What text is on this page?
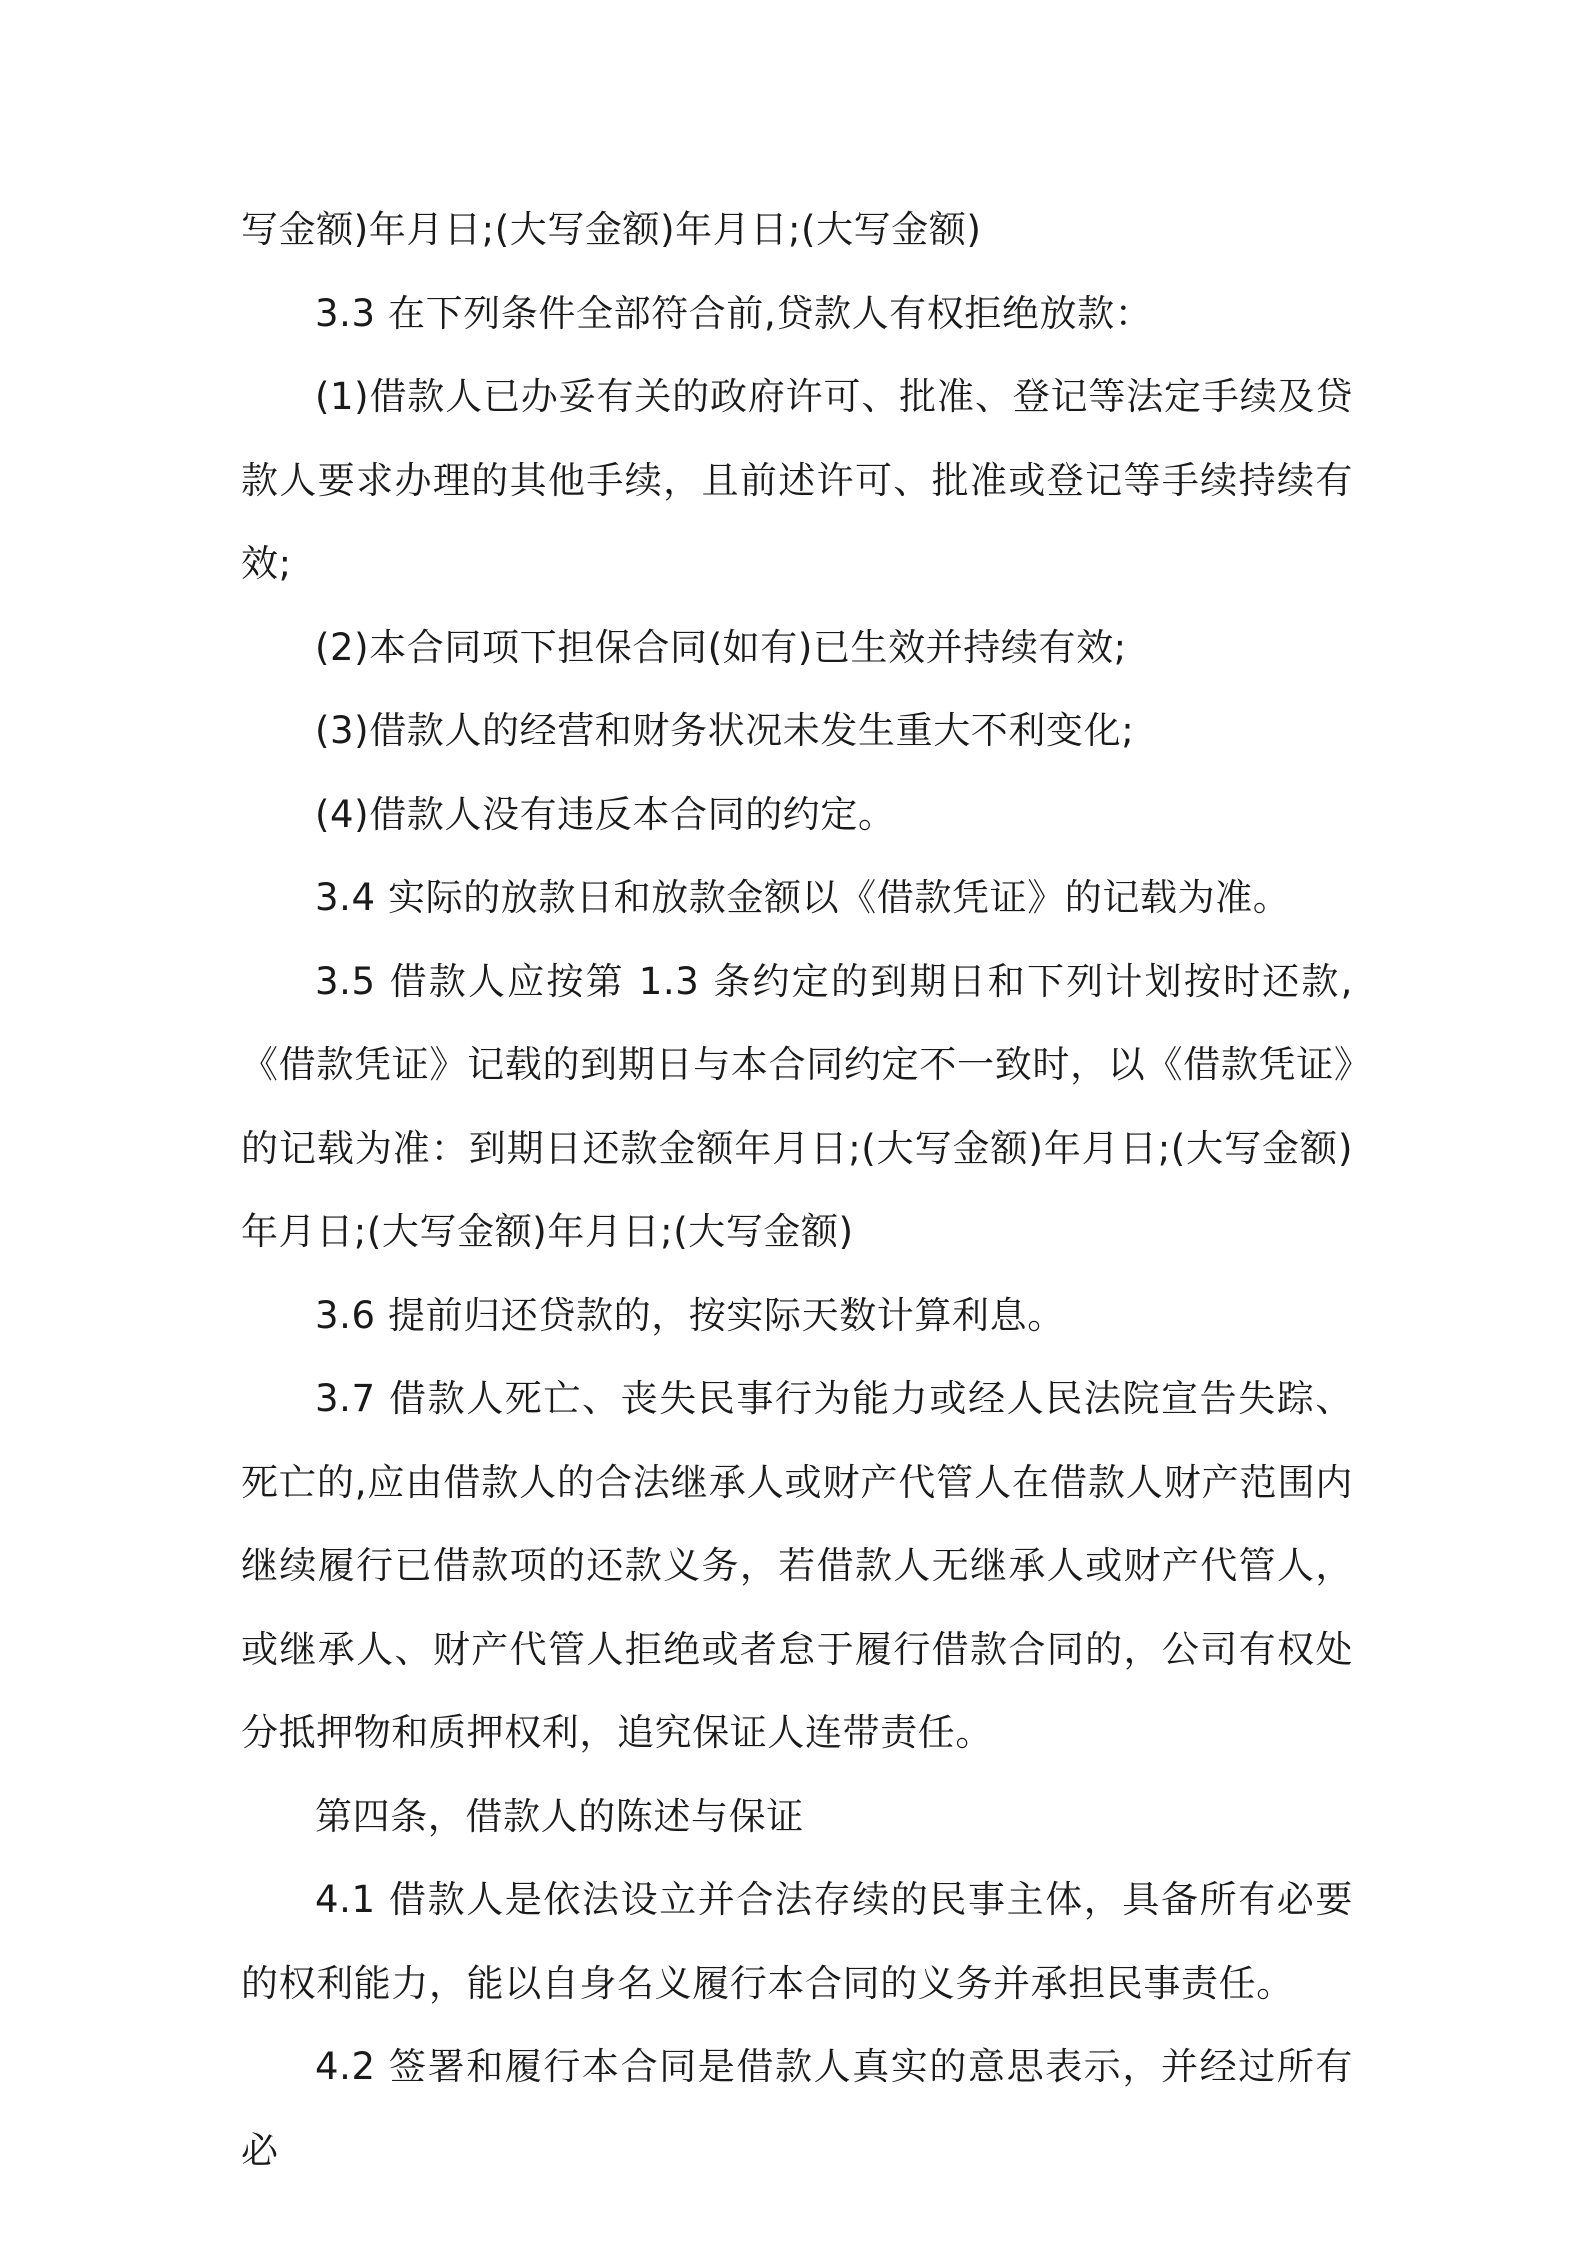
写金额)年月日;(大写金额)年月日;(大写金额)

3.3 在下列条件全部符合前,贷款人有权拒绝放款：

(1)借款人已办妥有关的政府许可、批准、登记等法定手续及贷款人要求办理的其他手续，且前述许可、批准或登记等手续持续有效;

(2)本合同项下担保合同(如有)已生效并持续有效;

(3)借款人的经营和财务状况未发生重大不利变化;

(4)借款人没有违反本合同的约定。

3.4 实际的放款日和放款金额以《借款凭证》的记载为准。

3.5 借款人应按第 1.3 条约定的到期日和下列计划按时还款,《借款凭证》记载的到期日与本合同约定不一致时，以《借款凭证》的记载为准：到期日还款金额年月日;(大写金额)年月日;(大写金额)年月日;(大写金额)年月日;(大写金额)

3.6 提前归还贷款的，按实际天数计算利息。

3.7 借款人死亡、丧失民事行为能力或经人民法院宣告失踪、死亡的,应由借款人的合法继承人或财产代管人在借款人财产范围内继续履行已借款项的还款义务，若借款人无继承人或财产代管人，或继承人、财产代管人拒绝或者怠于履行借款合同的，公司有权处分抵押物和质押权利，追究保证人连带责任。

第四条，借款人的陈述与保证

4.1 借款人是依法设立并合法存续的民事主体，具备所有必要的权利能力，能以自身名义履行本合同的义务并承担民事责任。

4.2 签署和履行本合同是借款人真实的意思表示，并经过所有必
